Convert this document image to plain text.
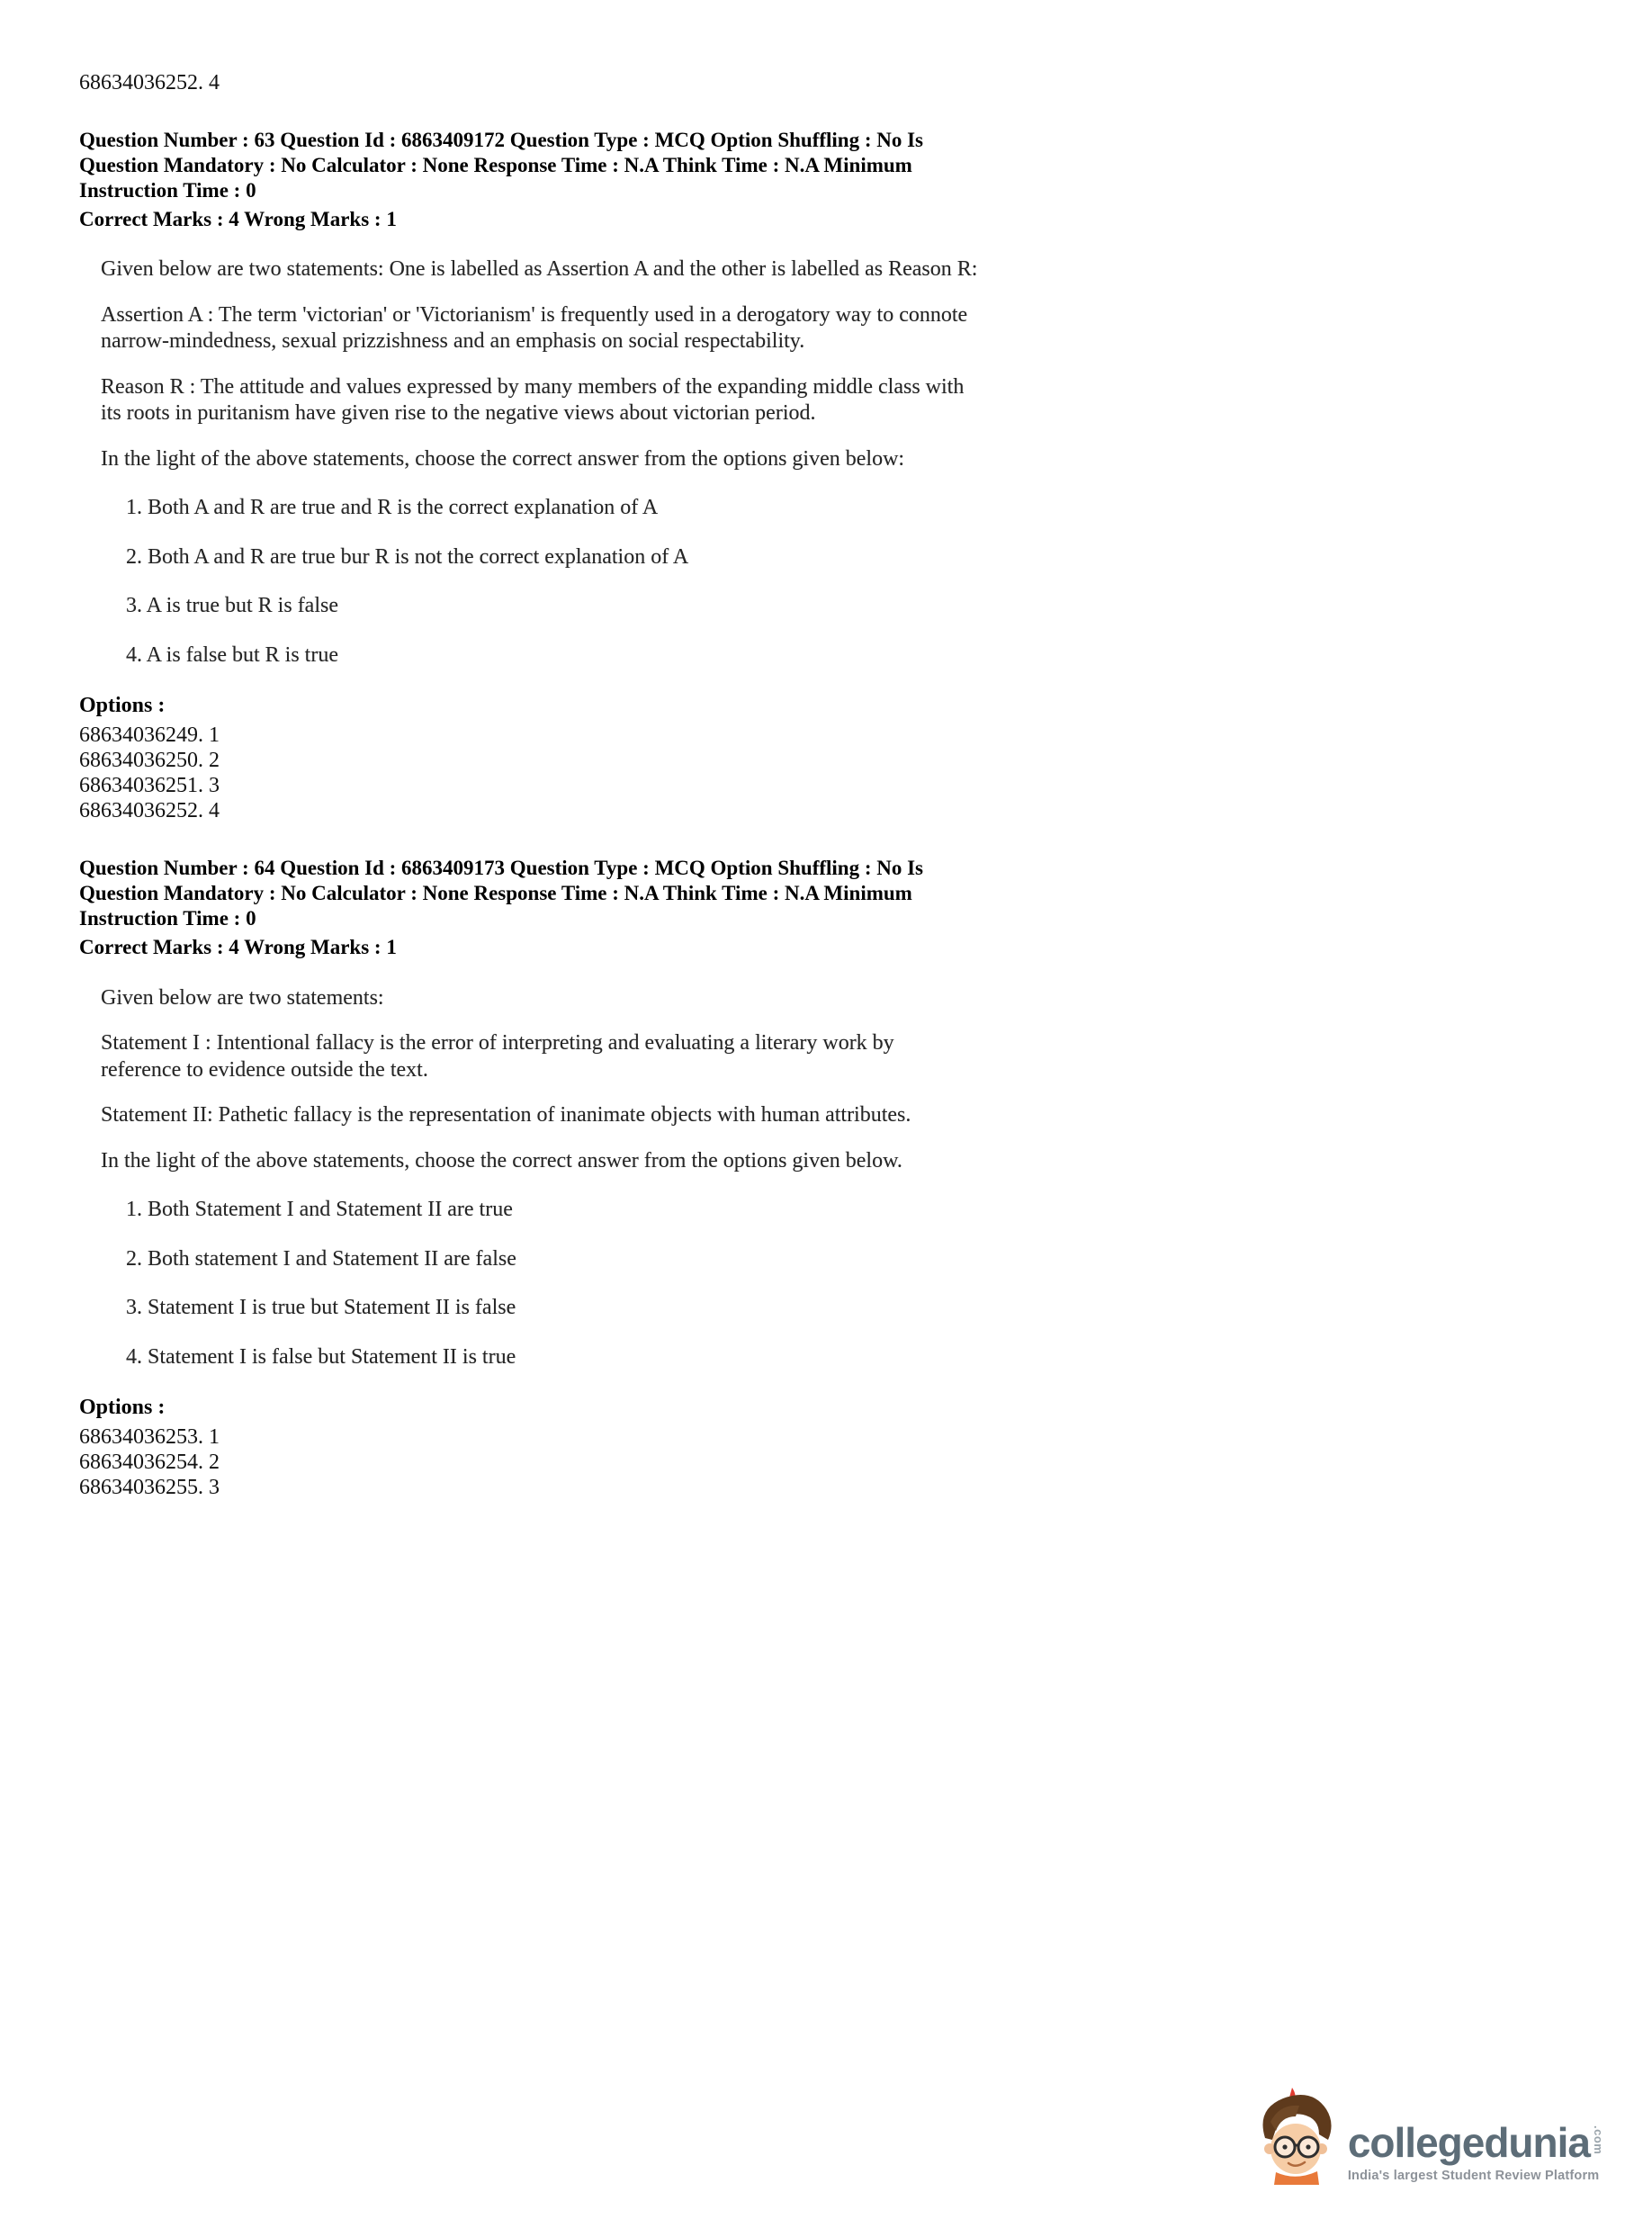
68634036252. 4

Question Number : 63 Question Id : 6863409172 Question Type : MCQ Option Shuffling : No Is Question Mandatory : No Calculator : None Response Time : N.A Think Time : N.A Minimum Instruction Time : 0

Correct Marks : 4 Wrong Marks : 1

Given below are two statements: One is labelled as Assertion A and the other is labelled as Reason R:

Assertion A : The term 'victorian' or 'Victorianism' is frequently used in a derogatory way to connote narrow-mindedness, sexual prizzishness and an emphasis on social respectability.

Reason R : The attitude and values expressed by many members of the expanding middle class with its roots in puritanism have given rise to the negative views about victorian period.

In the light of the above statements, choose the correct answer from the options given below:

1. Both A and R are true and R is the correct explanation of A

2. Both A and R are true bur R is not the correct explanation of A

3. A is true but R is false

4. A is false but R is true

Options :

68634036249. 1

68634036250. 2

68634036251. 3

68634036252. 4

Question Number : 64 Question Id : 6863409173 Question Type : MCQ Option Shuffling : No Is Question Mandatory : No Calculator : None Response Time : N.A Think Time : N.A Minimum Instruction Time : 0

Correct Marks : 4 Wrong Marks : 1

Given below are two statements:

Statement I : Intentional fallacy is the error of interpreting and evaluating a literary work by reference to evidence outside the text.

Statement II: Pathetic fallacy is the representation of inanimate objects with human attributes.

In the light of the above statements, choose the correct answer from the options given below.

1. Both Statement I and Statement II are true

2. Both statement I and Statement II are false

3. Statement I is true but Statement II is false

4. Statement I is false but Statement II is true

Options :

68634036253. 1

68634036254. 2

68634036255. 3

collegedunia .com
India's largest Student Review Platform
